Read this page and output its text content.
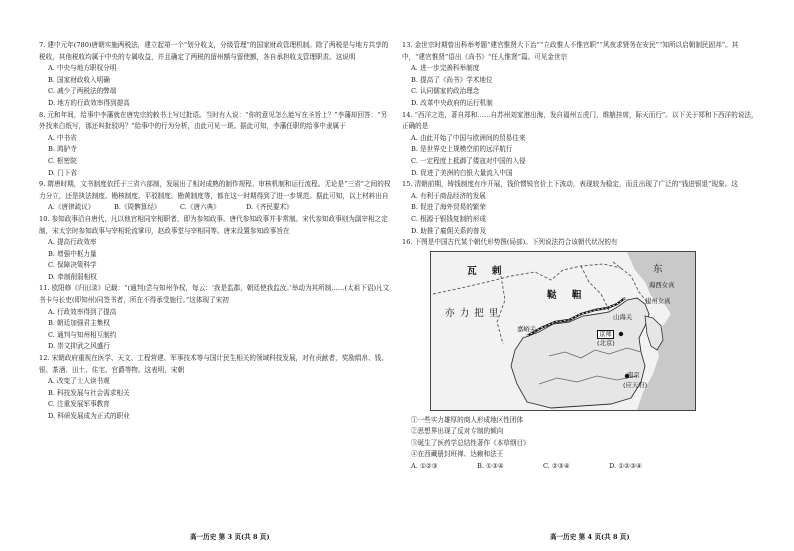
7. 建中元年(780)唐朝实施两税法，建立起第一个“划分收支，分级管理”的国家财政管理机制。除了两税是与地方共享的税收，其他税收均属于中央的专属收益，并且确定了两税的留州额与留使额，各自承担收支管理职责。这说明
A. 中央与地方职权分明
B. 国家财政收入明确
C. 减少了两税法的弊端
D. 地方的行政效率得到提高
8. 元和年间，给事中李藩就在唐宪宗的敕书上写过批语。当时有人说：“你的意见怎么能写在圣旨上？”李藩却回答：“另外找来白纸写，那还叫批驳吗？”给事中的行为分析，由此可见一斑。据此可知，李藩任职的给事中隶属于
A. 中书省
B. 鸿胪寺
C. 枢密院
D. 门下省
9. 隋唐时期，文书制度依托于三省六部制，发展出了相对成熟的制作规程、审核机制和运行流程。无论是“三省”之间的权力分立，还是执法制度、勘核制度、平驳制度、勘黄制度等，都在这一时期得到了进一步规范。据此可知，以上材料出自
A.《唐律疏议》	B.《周髀算经》	C.《唐六典》	D.《齐民要术》
10. 参知政事沿自唐代，凡以他官相同宰相职者，即为参知政事。唐代参知政事并非常制。宋代参知政事则为副宰相之定制，宋太宗时参知政事与宰相轮流掌印，赵政事堂与宰相同等。唐宋设置参知政事旨在
A. 提高行政效率
B. 增强中枢力量
C. 保障决策科学
D. 牵制削弱相权
11. 欧阳修《归田录》记载：“(通判)尝与知州争权，每云：‘我是监郡，朝廷使我监汝。’举动为其所制……(太祖下诏)凡文书卡与长吏(即知州)同签书者，所在不得承受施行。”这体现了宋初
A. 行政效率得到了提高
B. 朝廷加强君主集权
C. 通判与知州相互制约
D. 崇文抑武之风盛行
12. 宋朝政府重视在医学、天文、工程营建、军事技术等与国计民生相关的领域科技发展，对有贡献者，奖励绢帛、钱、银、茶酒、田土、住宅、官爵等物。这表明，宋朝
A. 改变了士人读书观
B. 科技发展与社会需求相关
C. 注重发展军事教育
D. 科研发展成为正式的职业
13. 金世宗时期曾出科举考题“建官惟贤大下治”“立政惟人不惟官职”“风夜求贤务在安民”“知所以启朝制民固邦”。其中，“建官惟贤”语出《尚书》“任人惟贤”篇。可见金世宗
A. 进一步完善科举制度
B. 提高了《尚书》学术地位
C. 认同儒家的政治理念
D. 改革中央政府的运行机制
14. “西洋之迭，著自郑和……自苏州刘家港出海，发自福州五虎门，维艄挂席，际天而行”。以下关于郑和下西洋的说法，正确的是
A. 由此开始了中国与欧洲间的贸易往来
B. 是世界史上规模空前的远洋航行
C. 一定程度上抵御了倭寇对中国的入侵
D. 促进了美洲的白银大量流入中国
15. 清朝前期，铸钱制度有序开展，钱价惯锐官价上下波动，表现较为稳定，而且出现了广泛的“钱进银退”现象。这
A. 有利于商品经济的发展
B. 促进了海外贸易的繁荣
C. 根源于银钱复制的形成
D. 助推了雇佣关系的普及
16. 下图是中国古代某个朝代形势图(局部)。下列说法符合该朝代状况的有
瓦 剌
鞑 靼
亦 力 把 里
东
海西女真
建州女真
山海关
嘉峪关
京师
(北京)
南京
(应天府)
①一些实力雄厚的商人形成地区性团体
②思想界出现了反对专制的倾向
③诞生了医药学总结性著作《本草纲目》
④在西藏册封班禅、达赖和法王
A. ①②③	B. ①③④	C. ②③④	D. ①②③④
高一历史 第 3 页(共 8 页)	高一历史 第 4 页(共 8 页)
